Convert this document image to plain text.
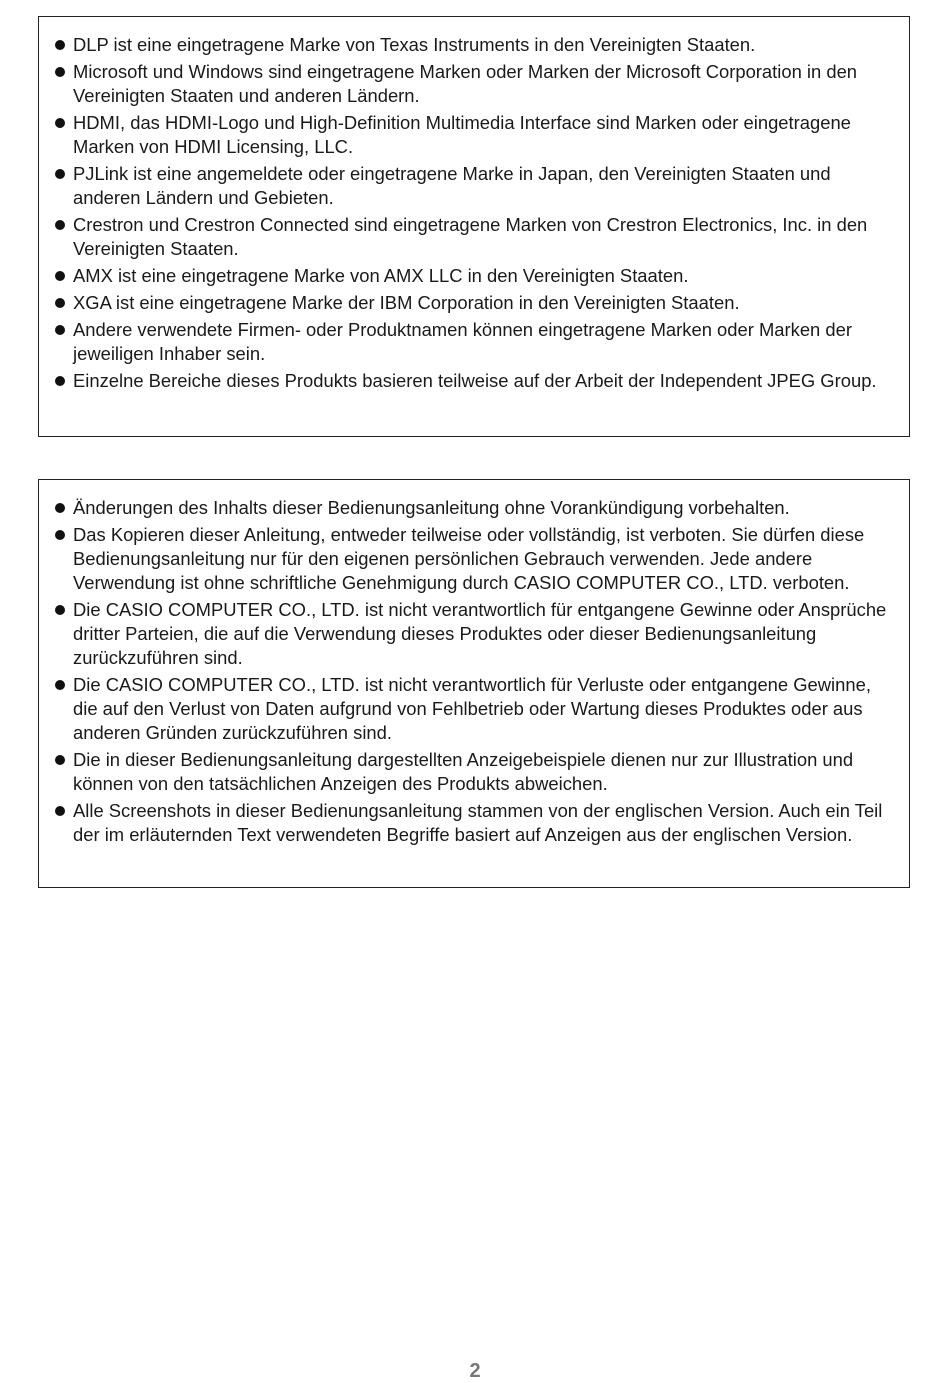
DLP ist eine eingetragene Marke von Texas Instruments in den Vereinigten Staaten.
Microsoft und Windows sind eingetragene Marken oder Marken der Microsoft Corporation in den Vereinigten Staaten und anderen Ländern.
HDMI, das HDMI-Logo und High-Definition Multimedia Interface sind Marken oder eingetragene Marken von HDMI Licensing, LLC.
PJLink ist eine angemeldete oder eingetragene Marke in Japan, den Vereinigten Staaten und anderen Ländern und Gebieten.
Crestron und Crestron Connected sind eingetragene Marken von Crestron Electronics, Inc. in den Vereinigten Staaten.
AMX ist eine eingetragene Marke von AMX LLC in den Vereinigten Staaten.
XGA ist eine eingetragene Marke der IBM Corporation in den Vereinigten Staaten.
Andere verwendete Firmen- oder Produktnamen können eingetragene Marken oder Marken der jeweiligen Inhaber sein.
Einzelne Bereiche dieses Produkts basieren teilweise auf der Arbeit der Independent JPEG Group.
Änderungen des Inhalts dieser Bedienungsanleitung ohne Vorankündigung vorbehalten.
Das Kopieren dieser Anleitung, entweder teilweise oder vollständig, ist verboten. Sie dürfen diese Bedienungsanleitung nur für den eigenen persönlichen Gebrauch verwenden. Jede andere Verwendung ist ohne schriftliche Genehmigung durch CASIO COMPUTER CO., LTD. verboten.
Die CASIO COMPUTER CO., LTD. ist nicht verantwortlich für entgangene Gewinne oder Ansprüche dritter Parteien, die auf die Verwendung dieses Produktes oder dieser Bedienungsanleitung zurückzuführen sind.
Die CASIO COMPUTER CO., LTD. ist nicht verantwortlich für Verluste oder entgangene Gewinne, die auf den Verlust von Daten aufgrund von Fehlbetrieb oder Wartung dieses Produktes oder aus anderen Gründen zurückzuführen sind.
Die in dieser Bedienungsanleitung dargestellten Anzeigebeispiele dienen nur zur Illustration und können von den tatsächlichen Anzeigen des Produkts abweichen.
Alle Screenshots in dieser Bedienungsanleitung stammen von der englischen Version. Auch ein Teil der im erläuternden Text verwendeten Begriffe basiert auf Anzeigen aus der englischen Version.
2
